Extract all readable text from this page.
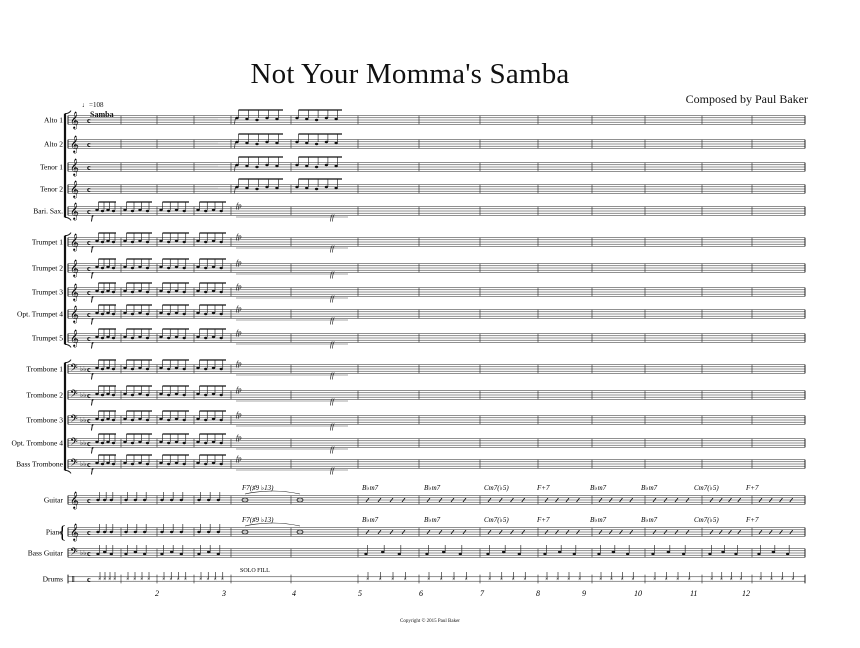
Not Your Momma's Samba
Composed by Paul Baker
♩=108
Samba
Alto 1 𝄞 c	f
Alto 2 𝄞 c	f
Tenor 1 𝄞 c	f
Tenor 2 𝄞 c	f
Bari. Sax. 𝄞 c
fp
ff
f
Trumpet 1 𝄞 c
fp
ff
f
Trumpet 2 𝄞 c
fp
ff
f
Trumpet 3 𝄞 c
fp
ff
f
Opt. Trumpet 4 𝄞 c
fp
ff
f
Trumpet 5 𝄞 c
fp
ff
f
Trombone 1 𝄢 ♭♭ c
fp
ff
f
Trombone 2 𝄢 ♭♭ c
fp
ff
f
Trombone 3 𝄢 ♭♭ c
fp
ff
f
Opt. Trombone 4 𝄢 ♭♭ c
fp
ff
f
Bass Trombone 𝄢 ♭♭ c
fp
ff
f
Guitar 𝄞 c
Piano 𝄞 c
Bass Guitar 𝄢 ♭♭ c
Drums ‖ c × × × × × × × × × × × × × × × ×	× × × ×	× × × ×	× × × ×	× × × ×	× × × ×	× × × ×	× × × ×	× × × ×
SOLO FILL
{
F7(♯9 ♭13)	B♭m7	B♭m7	Cm7(♭5)	F+7	B♭m7	B♭m7	Cm7(♭5)	F+7
F7(♯9 ♭13)	B♭m7	B♭m7	Cm7(♭5)	F+7	B♭m7	B♭m7	Cm7(♭5)	F+7
2	3	4	5	6	7	8	9	10	11	12
Copyright © 2015 Paul Baker
